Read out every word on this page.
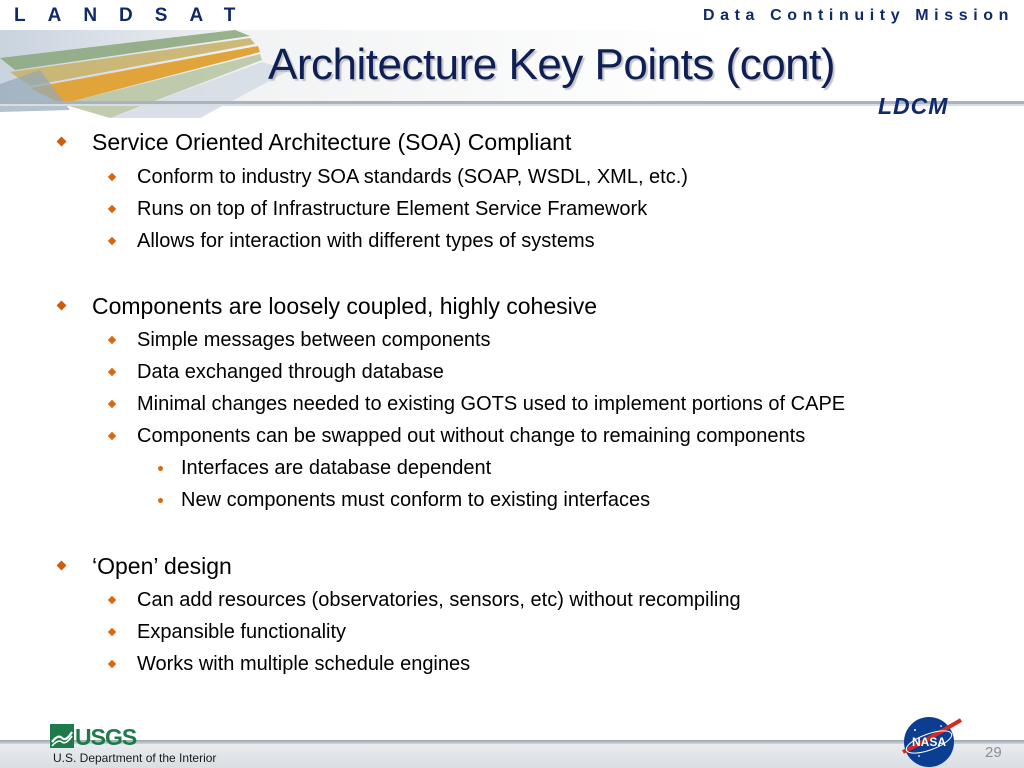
LANDSAT	Data Continuity Mission
Architecture Key Points (cont)
LDCM
Service Oriented Architecture (SOA) Compliant
Conform to industry SOA standards (SOAP, WSDL, XML, etc.)
Runs on top of Infrastructure Element Service Framework
Allows for interaction with different types of systems
Components are loosely coupled, highly cohesive
Simple messages between components
Data exchanged through database
Minimal changes needed to existing GOTS used to implement portions of CAPE
Components can be swapped out without change to remaining components
Interfaces are database dependent
New components must conform to existing interfaces
‘Open’ design
Can add resources (observatories, sensors, etc) without recompiling
Expansible functionality
Works with multiple schedule engines
USGS
U.S. Department of the Interior
NASA
29
